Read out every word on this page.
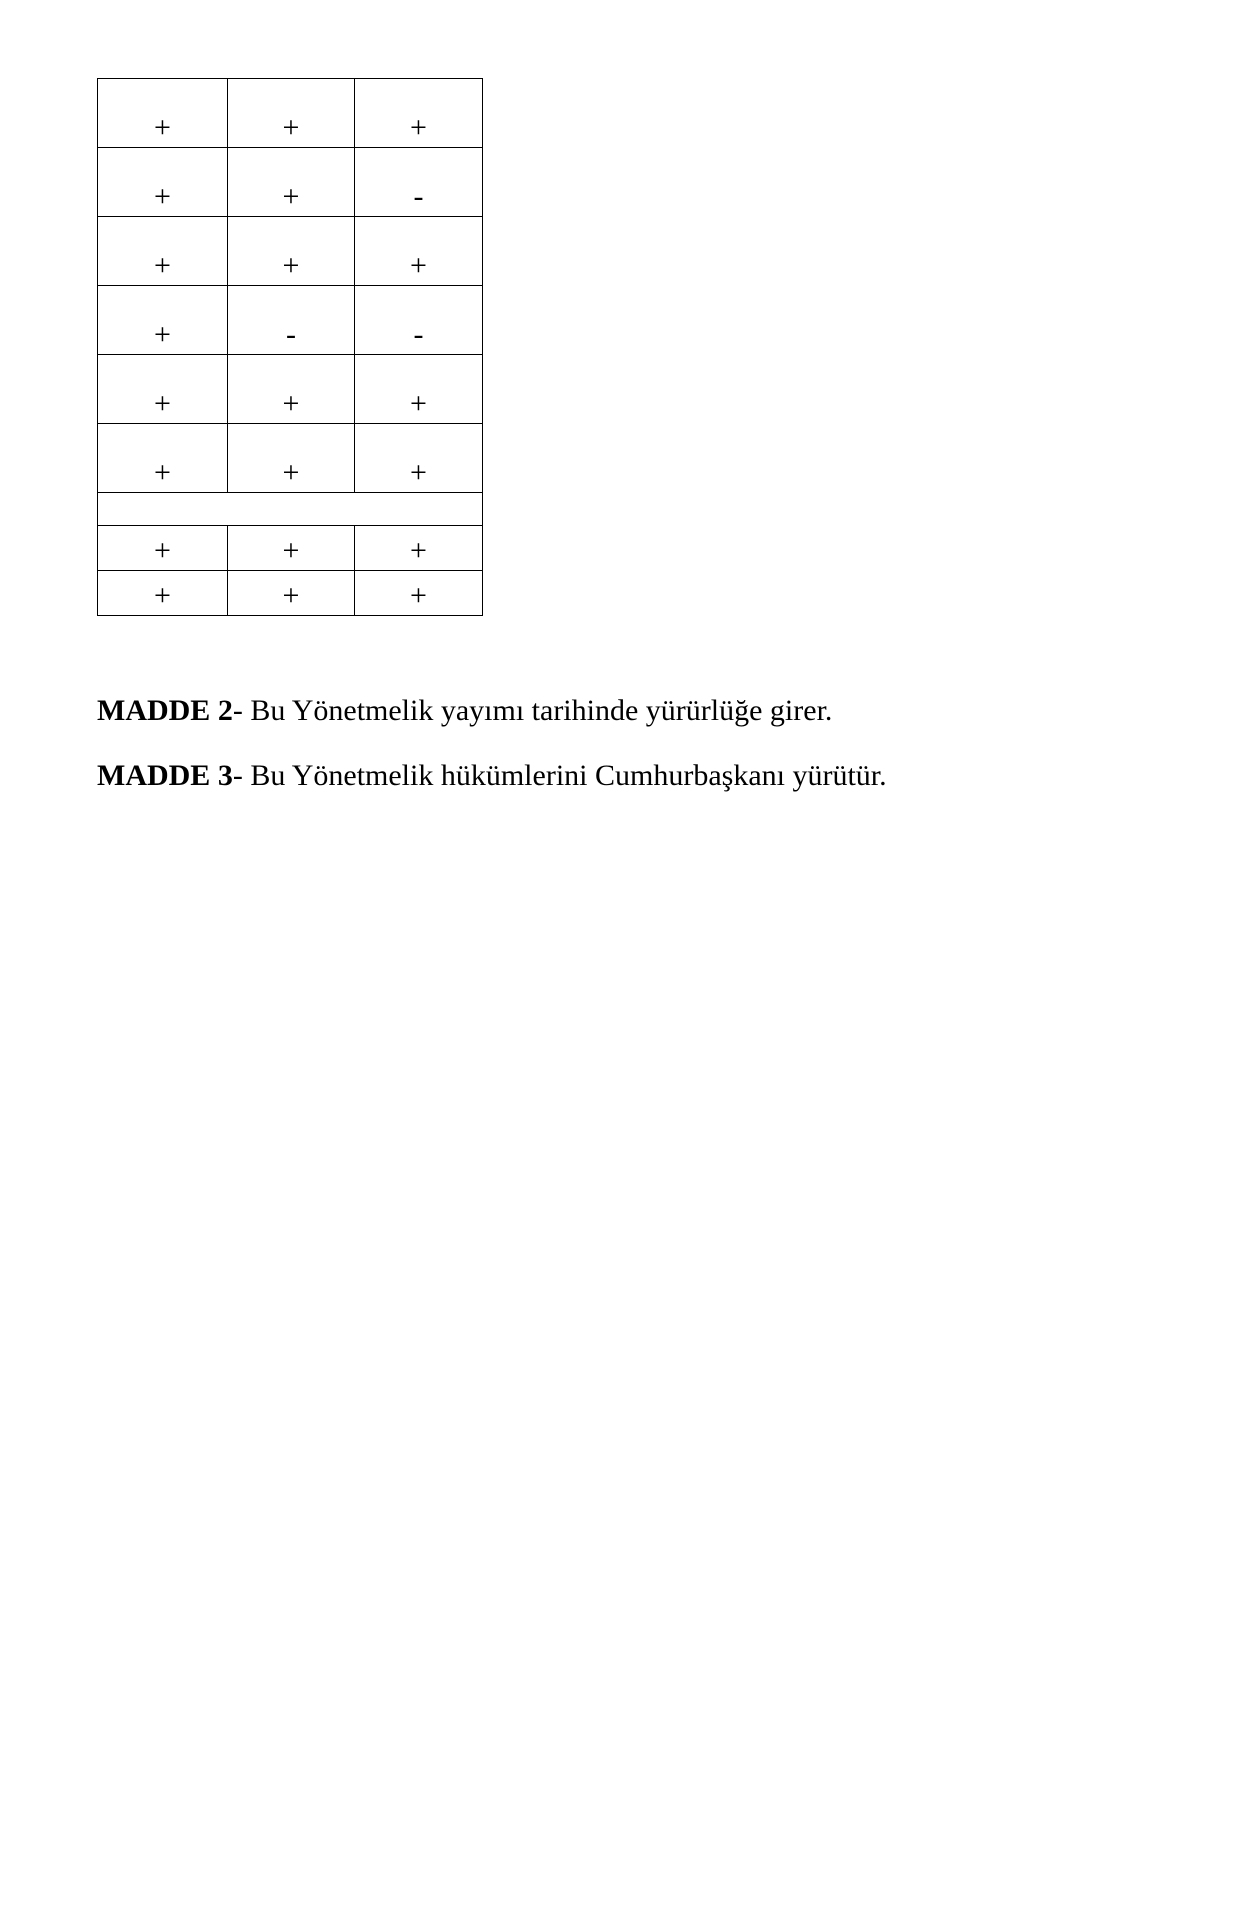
+	+	+
+	+	-
+	+	+
+	-	-
+	+	+
+	+	+

+	+	+
+	+	+

MADDE 2- Bu Yönetmelik yayımı tarihinde yürürlüğe girer.

MADDE 3- Bu Yönetmelik hükümlerini Cumhurbaşkanı yürütür.
